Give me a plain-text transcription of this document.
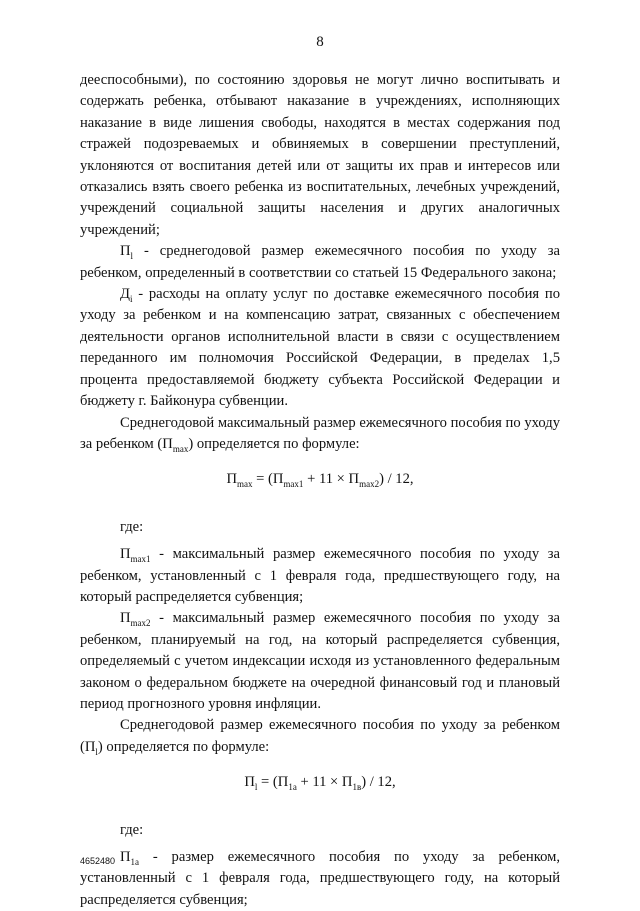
8

дееспособными), по состоянию здоровья не могут лично воспитывать и содержать ребенка, отбывают наказание в учреждениях, исполняющих наказание в виде лишения свободы, находятся в местах содержания под стражей подозреваемых и обвиняемых в совершении преступлений, уклоняются от воспитания детей или от защиты их прав и интересов или отказались взять своего ребенка из воспитательных, лечебных учреждений, учреждений социальной защиты населения и других аналогичных учреждений;

$П_l$ - среднегодовой размер ежемесячного пособия по уходу за ребенком, определенный в соответствии со статьей 15 Федерального закона;

$Д_i$ - расходы на оплату услуг по доставке ежемесячного пособия по уходу за ребенком и на компенсацию затрат, связанных с обеспечением деятельности органов исполнительной власти в связи с осуществлением переданного им полномочия Российской Федерации, в пределах 1,5 процента предоставляемой бюджету субъекта Российской Федерации и бюджету г. Байконура субвенции.

Среднегодовой максимальный размер ежемесячного пособия по уходу за ребенком $(П_{max})$ определяется по формуле:

$П_{max} = (П_{max1} + 11 \times П_{max2}) / 12$,

где:

$П_{max1}$ - максимальный размер ежемесячного пособия по уходу за ребенком, установленный с 1 февраля года, предшествующего году, на который распределяется субвенция;

$П_{max2}$ - максимальный размер ежемесячного пособия по уходу за ребенком, планируемый на год, на который распределяется субвенция, определяемый с учетом индексации исходя из установленного федеральным законом о федеральном бюджете на очередной финансовый год и плановый период прогнозного уровня инфляции.

Среднегодовой размер ежемесячного пособия по уходу за ребенком $(П_l)$ определяется по формуле:

$П_l = (П_{1а} + 11 \times П_{1в}) / 12$,

где:

$П_{1а}$ - размер ежемесячного пособия по уходу за ребенком, установленный с 1 февраля года, предшествующего году, на который распределяется субвенция;

4652480
